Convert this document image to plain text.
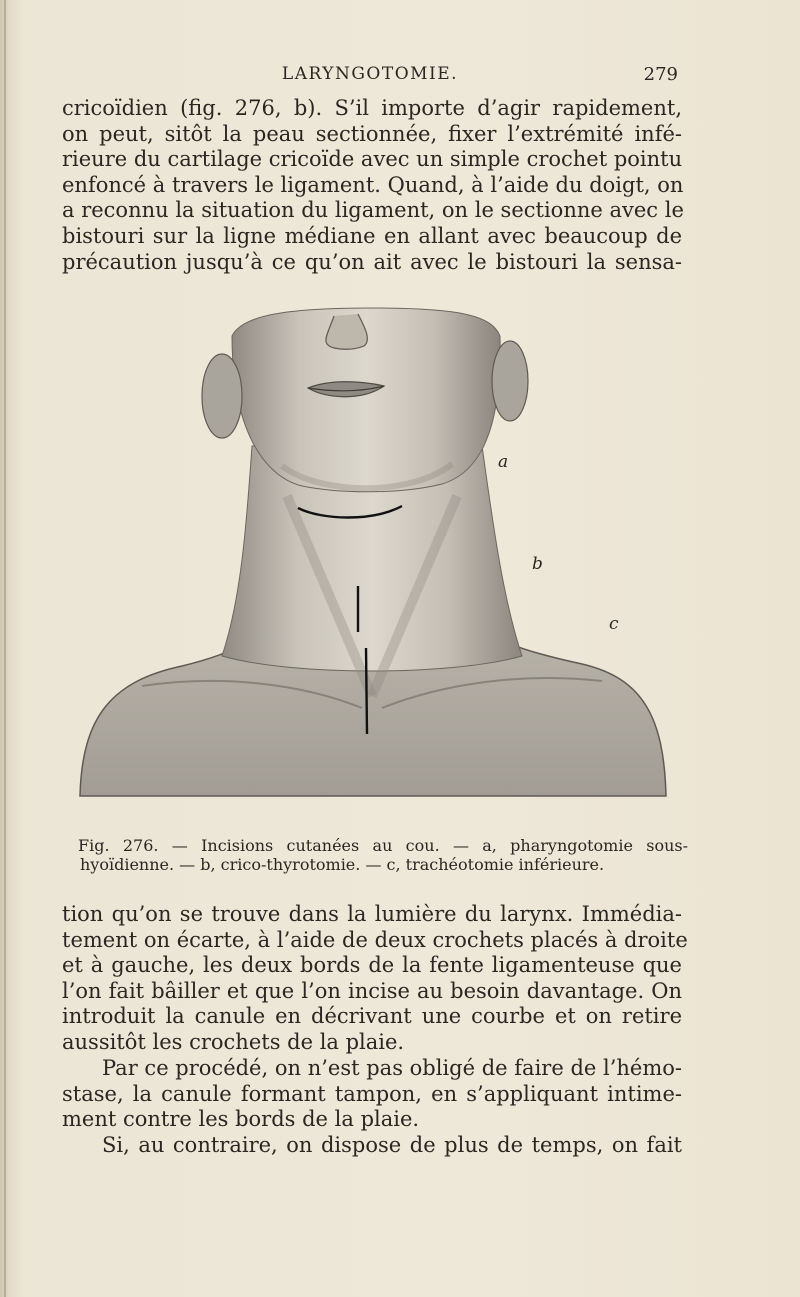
LARYNGOTOMIE.	279
cricoïdien (fig. 276, b). S’il importe d’agir rapidement,
on peut, sitôt la peau sectionnée, fixer l’extrémité infé-
rieure du cartilage cricoïde avec un simple crochet pointu
enfoncé à travers le ligament. Quand, à l’aide du doigt, on
a reconnu la situation du ligament, on le sectionne avec le
bistouri sur la ligne médiane en allant avec beaucoup de
précaution jusqu’à ce qu’on ait avec le bistouri la sensa-
a
b
c
Fig. 276. — Incisions cutanées au cou. — a, pharyngotomie sous-
hyoïdienne. — b, crico-thyrotomie. — c, trachéotomie inférieure.
tion qu’on se trouve dans la lumière du larynx. Immédia-
tement on écarte, à l’aide de deux crochets placés à droite
et à gauche, les deux bords de la fente ligamenteuse que
l’on fait bâiller et que l’on incise au besoin davantage. On
introduit la canule en décrivant une courbe et on retire
aussitôt les crochets de la plaie.
Par ce procédé, on n’est pas obligé de faire de l’hémo-
stase, la canule formant tampon, en s’appliquant intime-
ment contre les bords de la plaie.
Si, au contraire, on dispose de plus de temps, on fait
